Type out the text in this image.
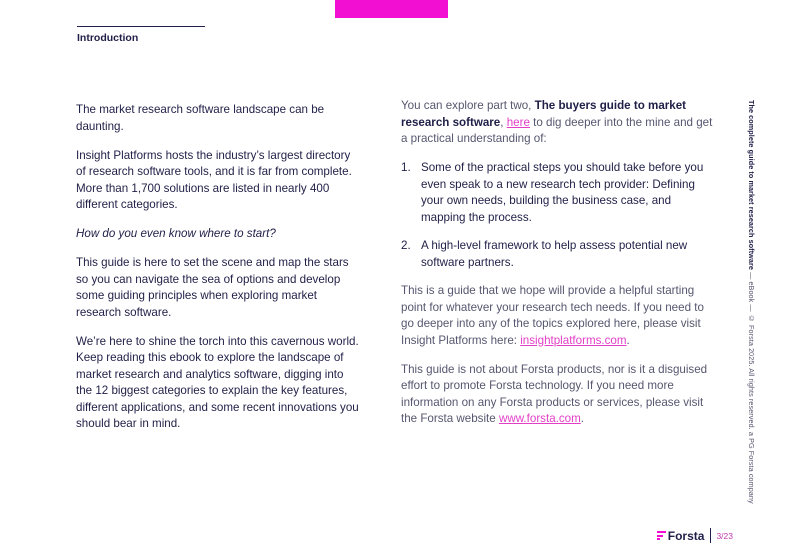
Introduction

The market research software landscape can be daunting.

Insight Platforms hosts the industry’s largest directory of research software tools, and it is far from complete. More than 1,700 solutions are listed in nearly 400 different categories.

How do you even know where to start?

This guide is here to set the scene and map the stars so you can navigate the sea of options and develop some guiding principles when exploring market research software.

We’re here to shine the torch into this cavernous world. Keep reading this ebook to explore the landscape of market research and analytics software, digging into the 12 biggest categories to explain the key features, different applications, and some recent innovations you should bear in mind.

You can explore part two, The buyers guide to market research software, here to dig deeper into the mine and get a practical understanding of:

1. Some of the practical steps you should take before you even speak to a new research tech provider: Defining your own needs, building the business case, and mapping the process.
2. A high-level framework to help assess potential new software partners.

This is a guide that we hope will provide a helpful starting point for whatever your research tech needs. If you need to go deeper into any of the topics explored here, please visit Insight Platforms here: insightplatforms.com.

This guide is not about Forsta products, nor is it a disguised effort to promote Forsta technology. If you need more information on any Forsta products or services, please visit the Forsta website www.forsta.com.

The complete guide to market research software — eBook — © Forsta 2025. All rights reserved. a PG Forsta company
Forsta 3/23
